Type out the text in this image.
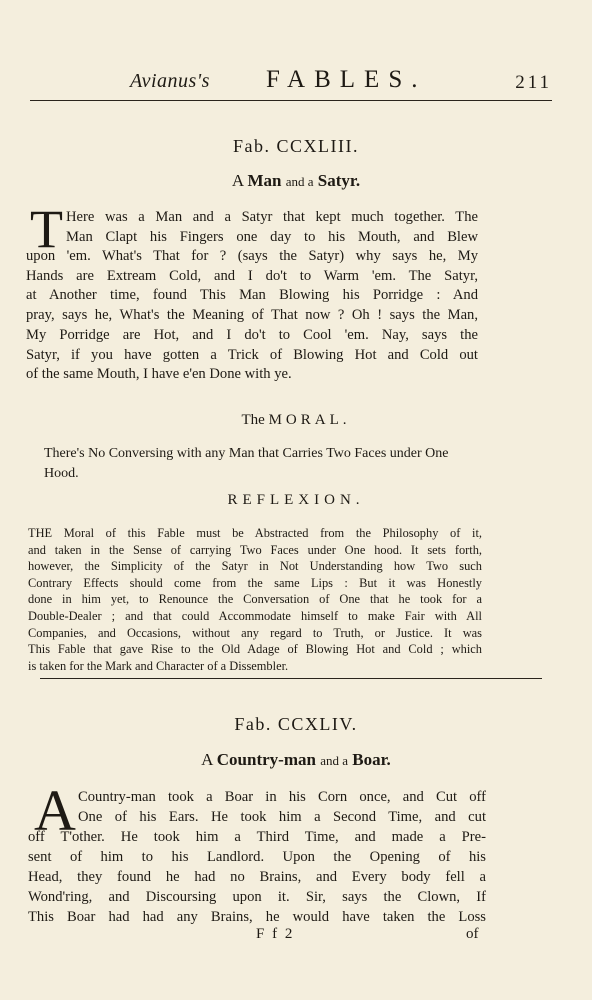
Avianus's FABLES.	211
Fab. CCXLIII.
A Man and a Satyr.
T Here was a Man and a Satyr that kept much together. The
Man Clapt his Fingers one day to his Mouth, and Blew
upon 'em. What's That for ? (says the Satyr) why says he, My
Hands are Extream Cold, and I do't to Warm 'em. The Satyr,
at Another time, found This Man Blowing his Porridge : And
pray, says he, What's the Meaning of That now ? Oh ! says the Man,
My Porridge are Hot, and I do't to Cool 'em. Nay, says the
Satyr, if you have gotten a Trick of Blowing Hot and Cold out
of the same Mouth, I have e'en Done with ye.
The MORAL.
There's No Conversing with any Man that Carries Two Faces under One
Hood.
REFLEXION.
THE Moral of this Fable must be Abstracted from the Philosophy of it,
and taken in the Sense of carrying Two Faces under One hood. It sets forth,
however, the Simplicity of the Satyr in Not Understanding how Two such
Contrary Effects should come from the same Lips : But it was Honestly
done in him yet, to Renounce the Conversation of One that he took for a
Double-Dealer ; and that could Accommodate himself to make Fair with All
Companies, and Occasions, without any regard to Truth, or Justice. It was
This Fable that gave Rise to the Old Adage of Blowing Hot and Cold ; which
is taken for the Mark and Character of a Dissembler.
Fab. CCXLIV.
A Country-man and a Boar.
A Country-man took a Boar in his Corn once, and Cut off
One of his Ears. He took him a Second Time, and cut
off T'other. He took him a Third Time, and made a Pre-
sent of him to his Landlord. Upon the Opening of his
Head, they found he had no Brains, and Every body fell a
Wond'ring, and Discoursing upon it. Sir, says the Clown, If
This Boar had had any Brains, he would have taken the Loss
F f 2	of
